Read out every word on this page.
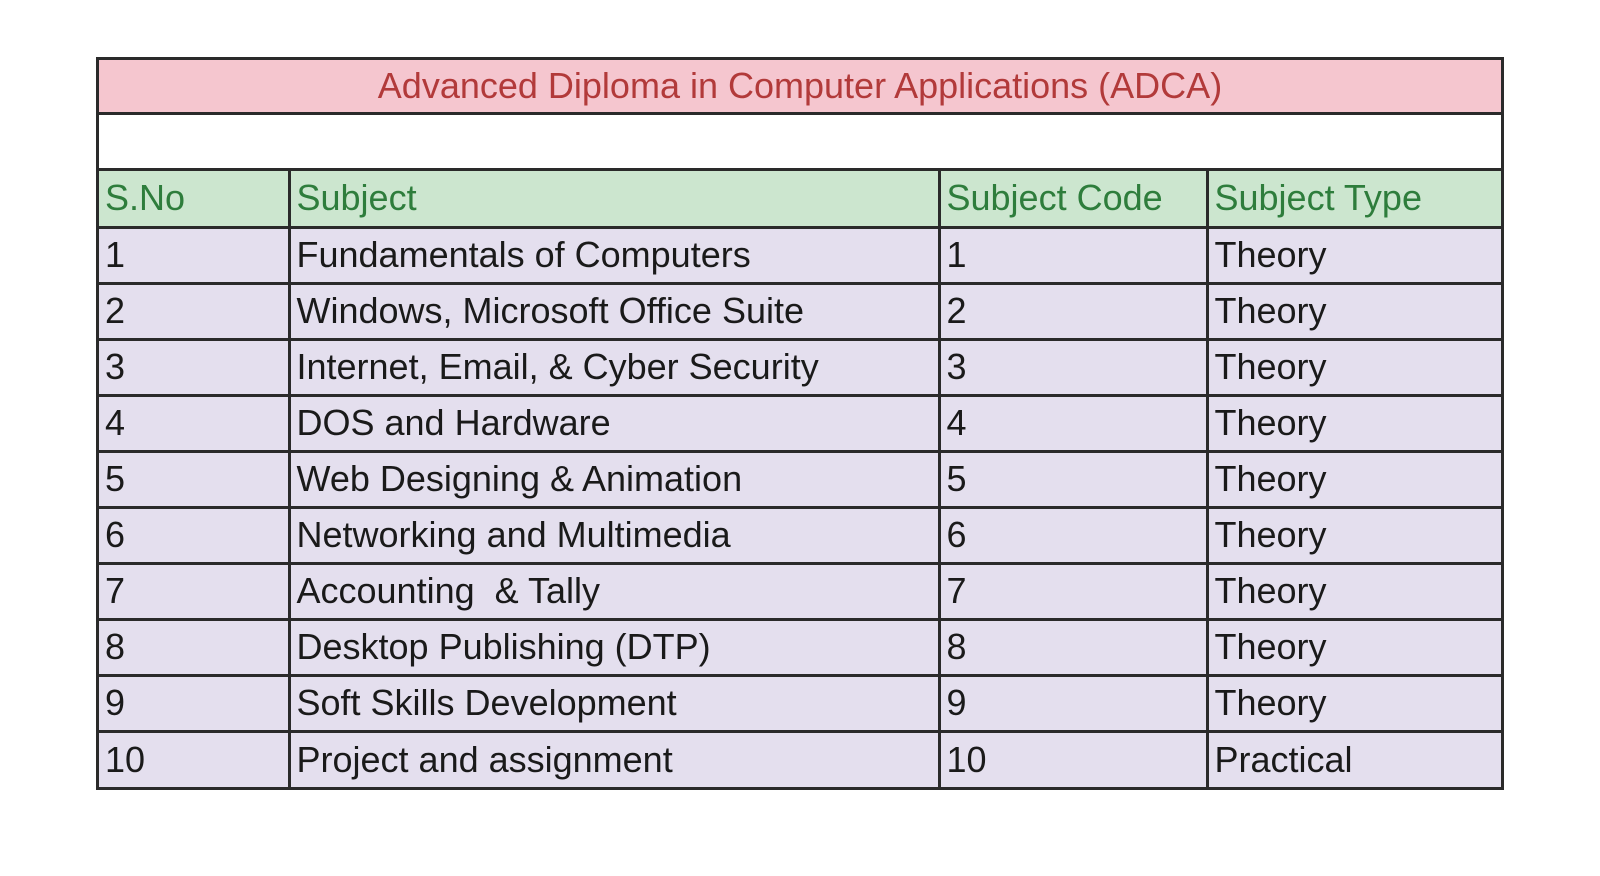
Advanced Diploma in Computer Applications (ADCA)
S.No	Subject	Subject Code	Subject Type
1	Fundamentals of Computers	1	Theory
2	Windows, Microsoft Office Suite	2	Theory
3	Internet, Email, & Cyber Security	3	Theory
4	DOS and Hardware	4	Theory
5	Web Designing & Animation	5	Theory
6	Networking and Multimedia	6	Theory
7	Accounting  & Tally	7	Theory
8	Desktop Publishing (DTP)	8	Theory
9	Soft Skills Development	9	Theory
10	Project and assignment	10	Practical
